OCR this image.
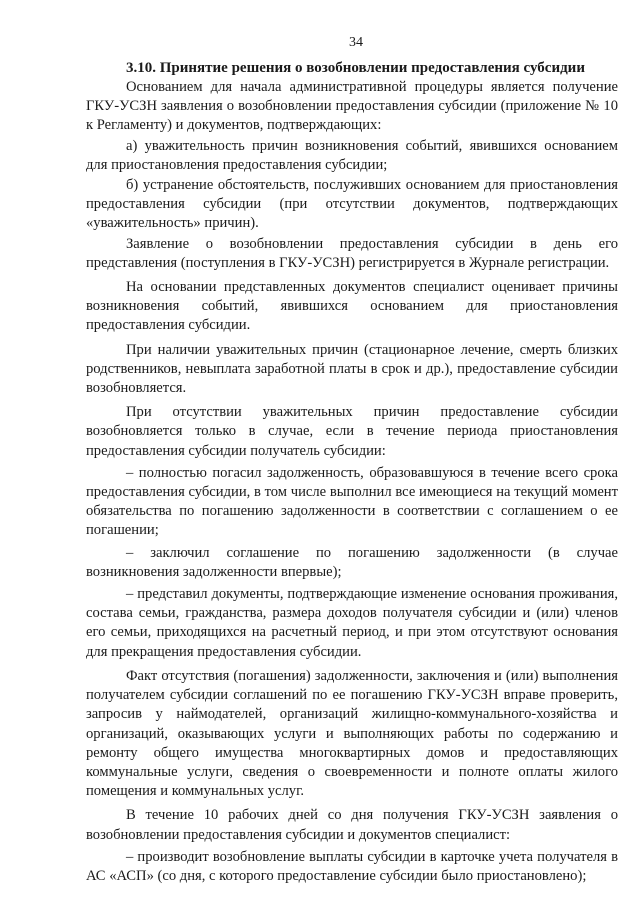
34
3.10. Принятие решения о возобновлении предоставления субсидии

Основанием для начала административной процедуры является получение ГКУ-УСЗН заявления о возобновлении предоставления субсидии (приложение № 10 к Регламенту) и документов, подтверждающих:

а) уважительность причин возникновения событий, явившихся основанием для приостановления предоставления субсидии;

б) устранение обстоятельств, послуживших основанием для приостановления предоставления субсидии (при отсутствии документов, подтверждающих «уважительность» причин).

Заявление о возобновлении предоставления субсидии в день его представления (поступления в ГКУ-УСЗН) регистрируется в Журнале регистрации.

На основании представленных документов специалист оценивает причины возникновения событий, явившихся основанием для приостановления предоставления субсидии.

При наличии уважительных причин (стационарное лечение, смерть близких родственников, невыплата заработной платы в срок и др.), предоставление субсидии возобновляется.

При отсутствии уважительных причин предоставление субсидии возобновляется только в случае, если в течение периода приостановления предоставления субсидии получатель субсидии:

– полностью погасил задолженность, образовавшуюся в течение всего срока предоставления субсидии, в том числе выполнил все имеющиеся на текущий момент обязательства по погашению задолженности в соответствии с соглашением о ее погашении;

– заключил соглашение по погашению задолженности (в случае возникновения задолженности впервые);

– представил документы, подтверждающие изменение основания проживания, состава семьи, гражданства, размера доходов получателя субсидии и (или) членов его семьи, приходящихся на расчетный период, и при этом отсутствуют основания для прекращения предоставления субсидии.

Факт отсутствия (погашения) задолженности, заключения и (или) выполнения получателем субсидии соглашений по ее погашению ГКУ-УСЗН вправе проверить, запросив у наймодателей, организаций жилищно-коммунального-хозяйства и организаций, оказывающих услуги и выполняющих работы по содержанию и ремонту общего имущества многоквартирных домов и предоставляющих коммунальные услуги, сведения о своевременности и полноте оплаты жилого помещения и коммунальных услуг.

В течение 10 рабочих дней со дня получения ГКУ-УСЗН заявления о возобновлении предоставления субсидии и документов специалист:

– производит возобновление выплаты субсидии в карточке учета получателя в АС «АСП» (со дня, с которого предоставление субсидии было приостановлено);
